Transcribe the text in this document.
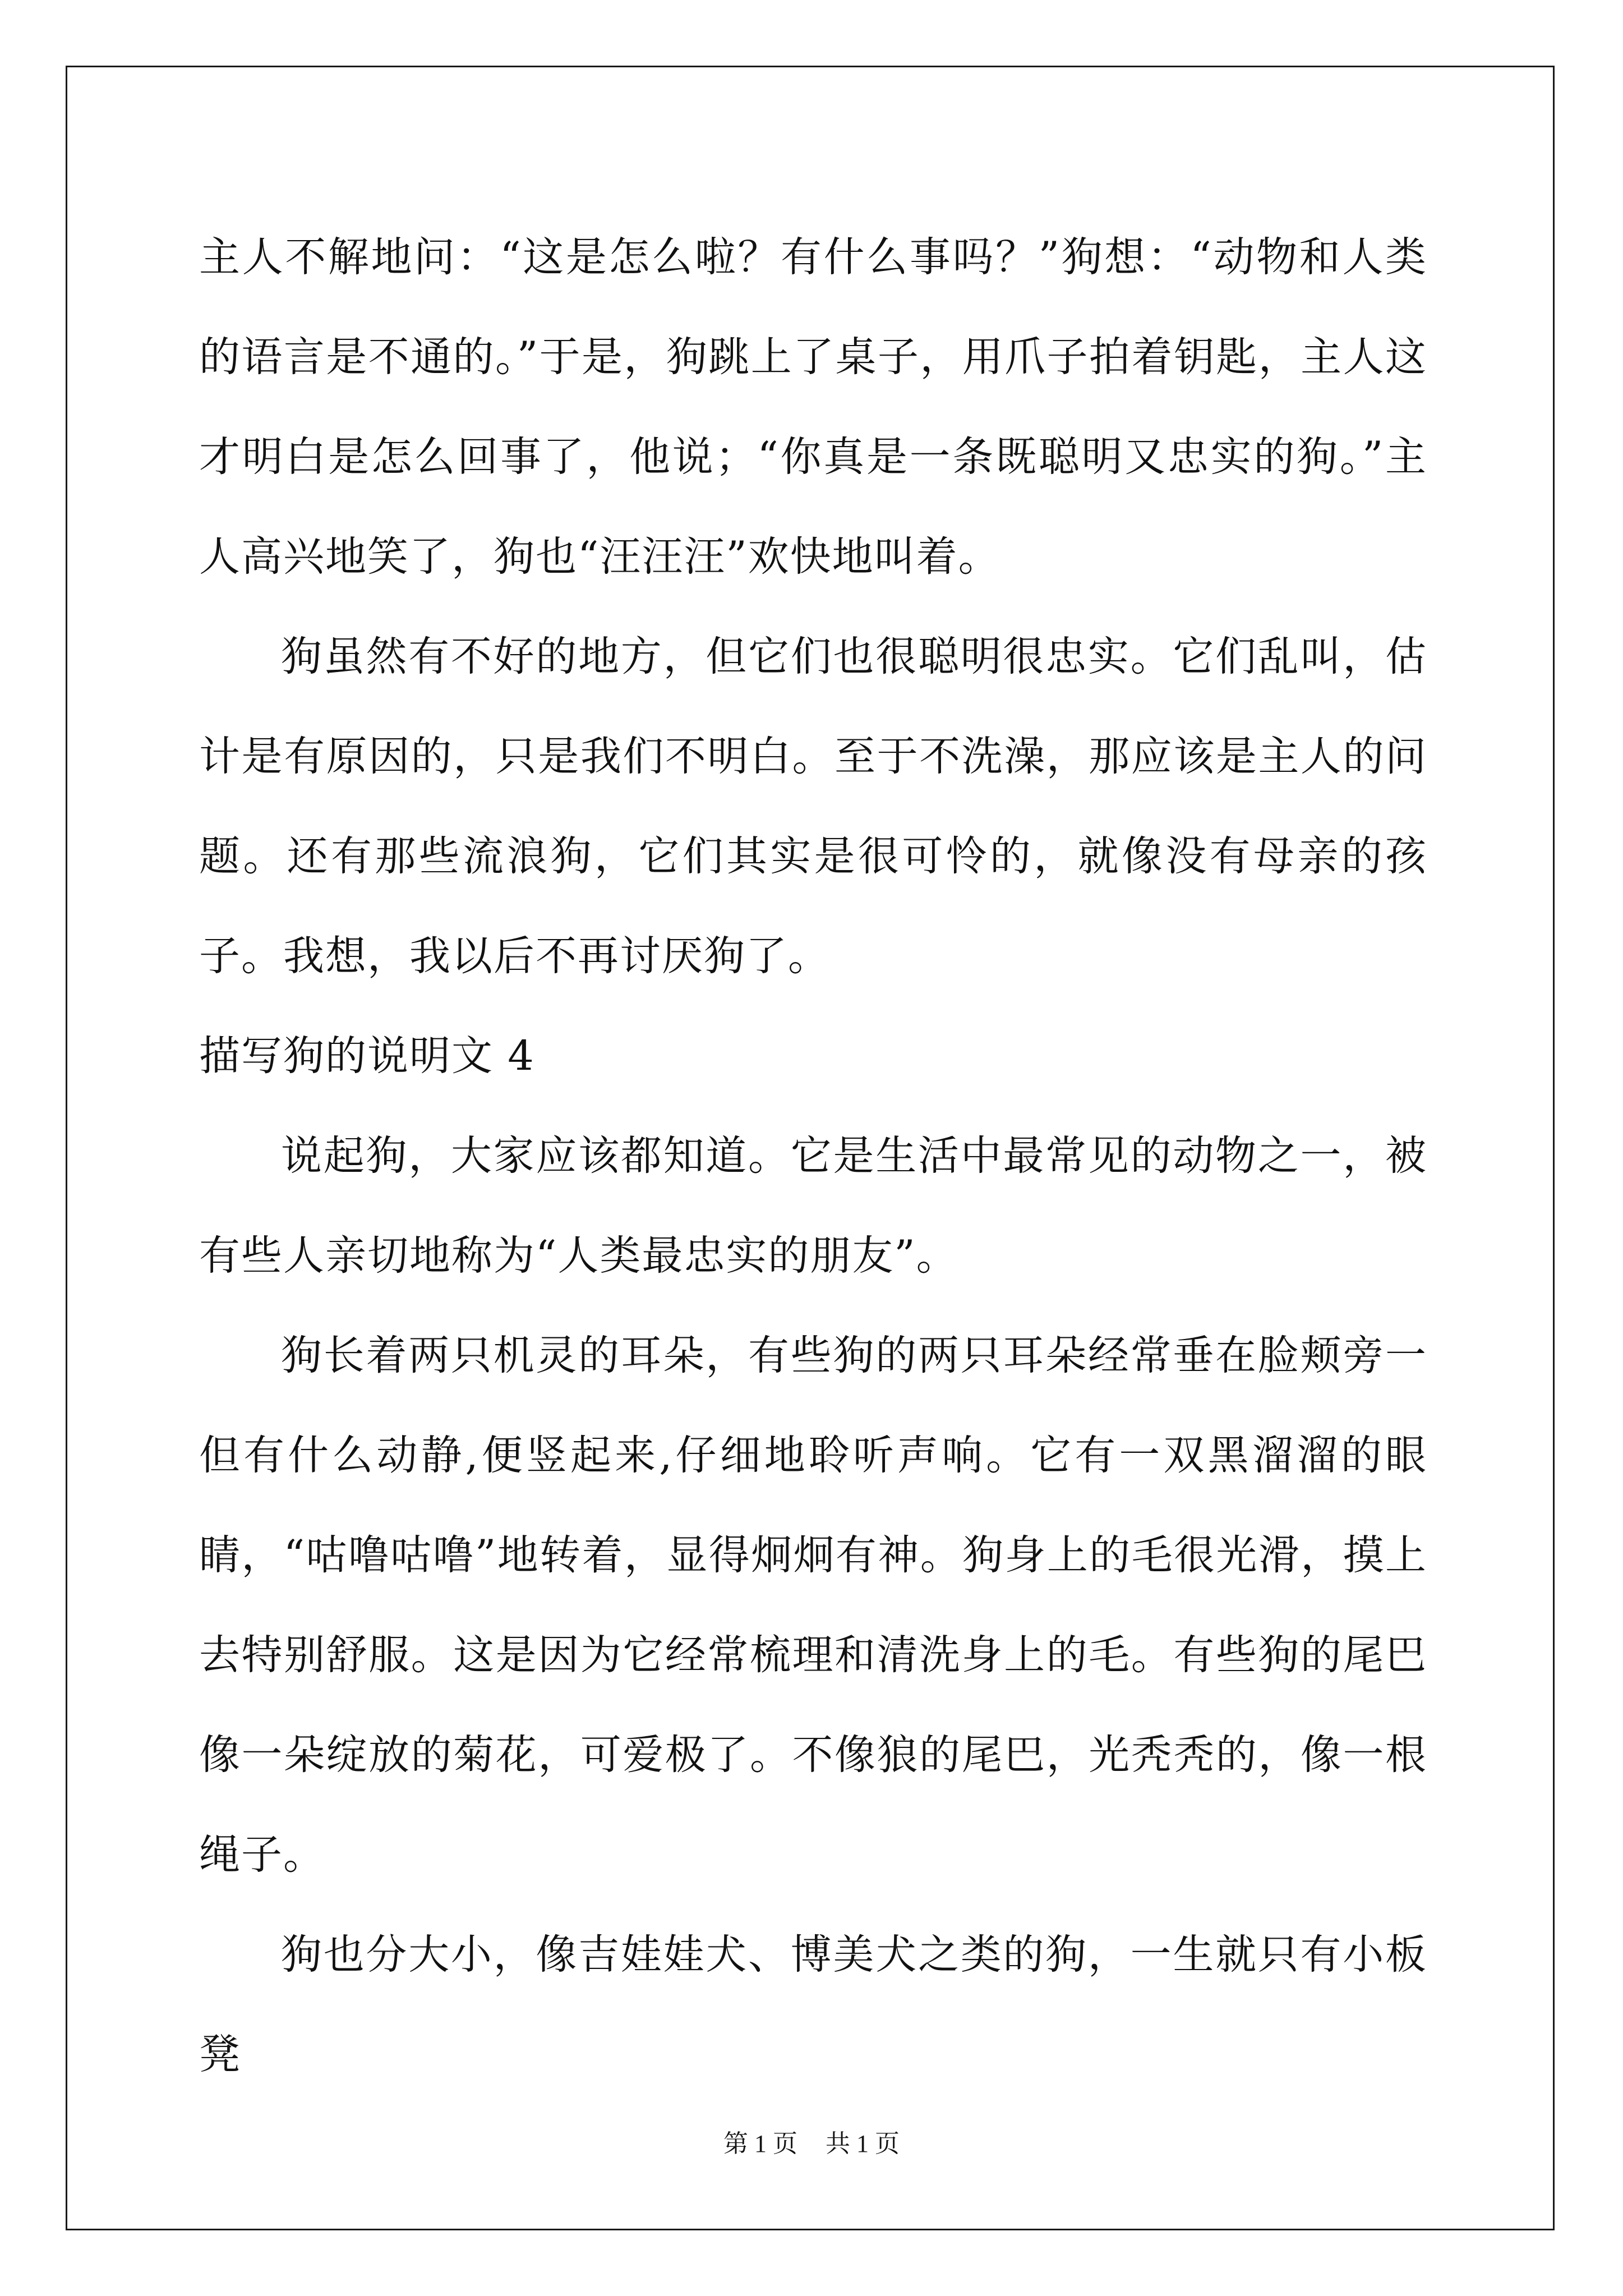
主人不解地问：“这是怎么啦？有什么事吗？”狗想：“动物和人类的语言是不通的。”于是，狗跳上了桌子，用爪子拍着钥匙，主人这才明白是怎么回事了，他说；“你真是一条既聪明又忠实的狗。”主人高兴地笑了，狗也“汪汪汪”欢快地叫着。

狗虽然有不好的地方，但它们也很聪明很忠实。它们乱叫，估计是有原因的，只是我们不明白。至于不洗澡，那应该是主人的问题。还有那些流浪狗，它们其实是很可怜的，就像没有母亲的孩子。我想，我以后不再讨厌狗了。

描写狗的说明文 4

说起狗，大家应该都知道。它是生活中最常见的动物之一，被有些人亲切地称为“人类最忠实的朋友”。

狗长着两只机灵的耳朵，有些狗的两只耳朵经常垂在脸颊旁一但有什么动静,便竖起来,仔细地聆听声响。它有一双黑溜溜的眼睛，“咕噜咕噜”地转着，显得炯炯有神。狗身上的毛很光滑，摸上去特别舒服。这是因为它经常梳理和清洗身上的毛。有些狗的尾巴像一朵绽放的菊花，可爱极了。不像狼的尾巴，光秃秃的，像一根绳子。

狗也分大小，像吉娃娃犬、博美犬之类的狗，一生就只有小板凳

第 1 页 共 1 页
